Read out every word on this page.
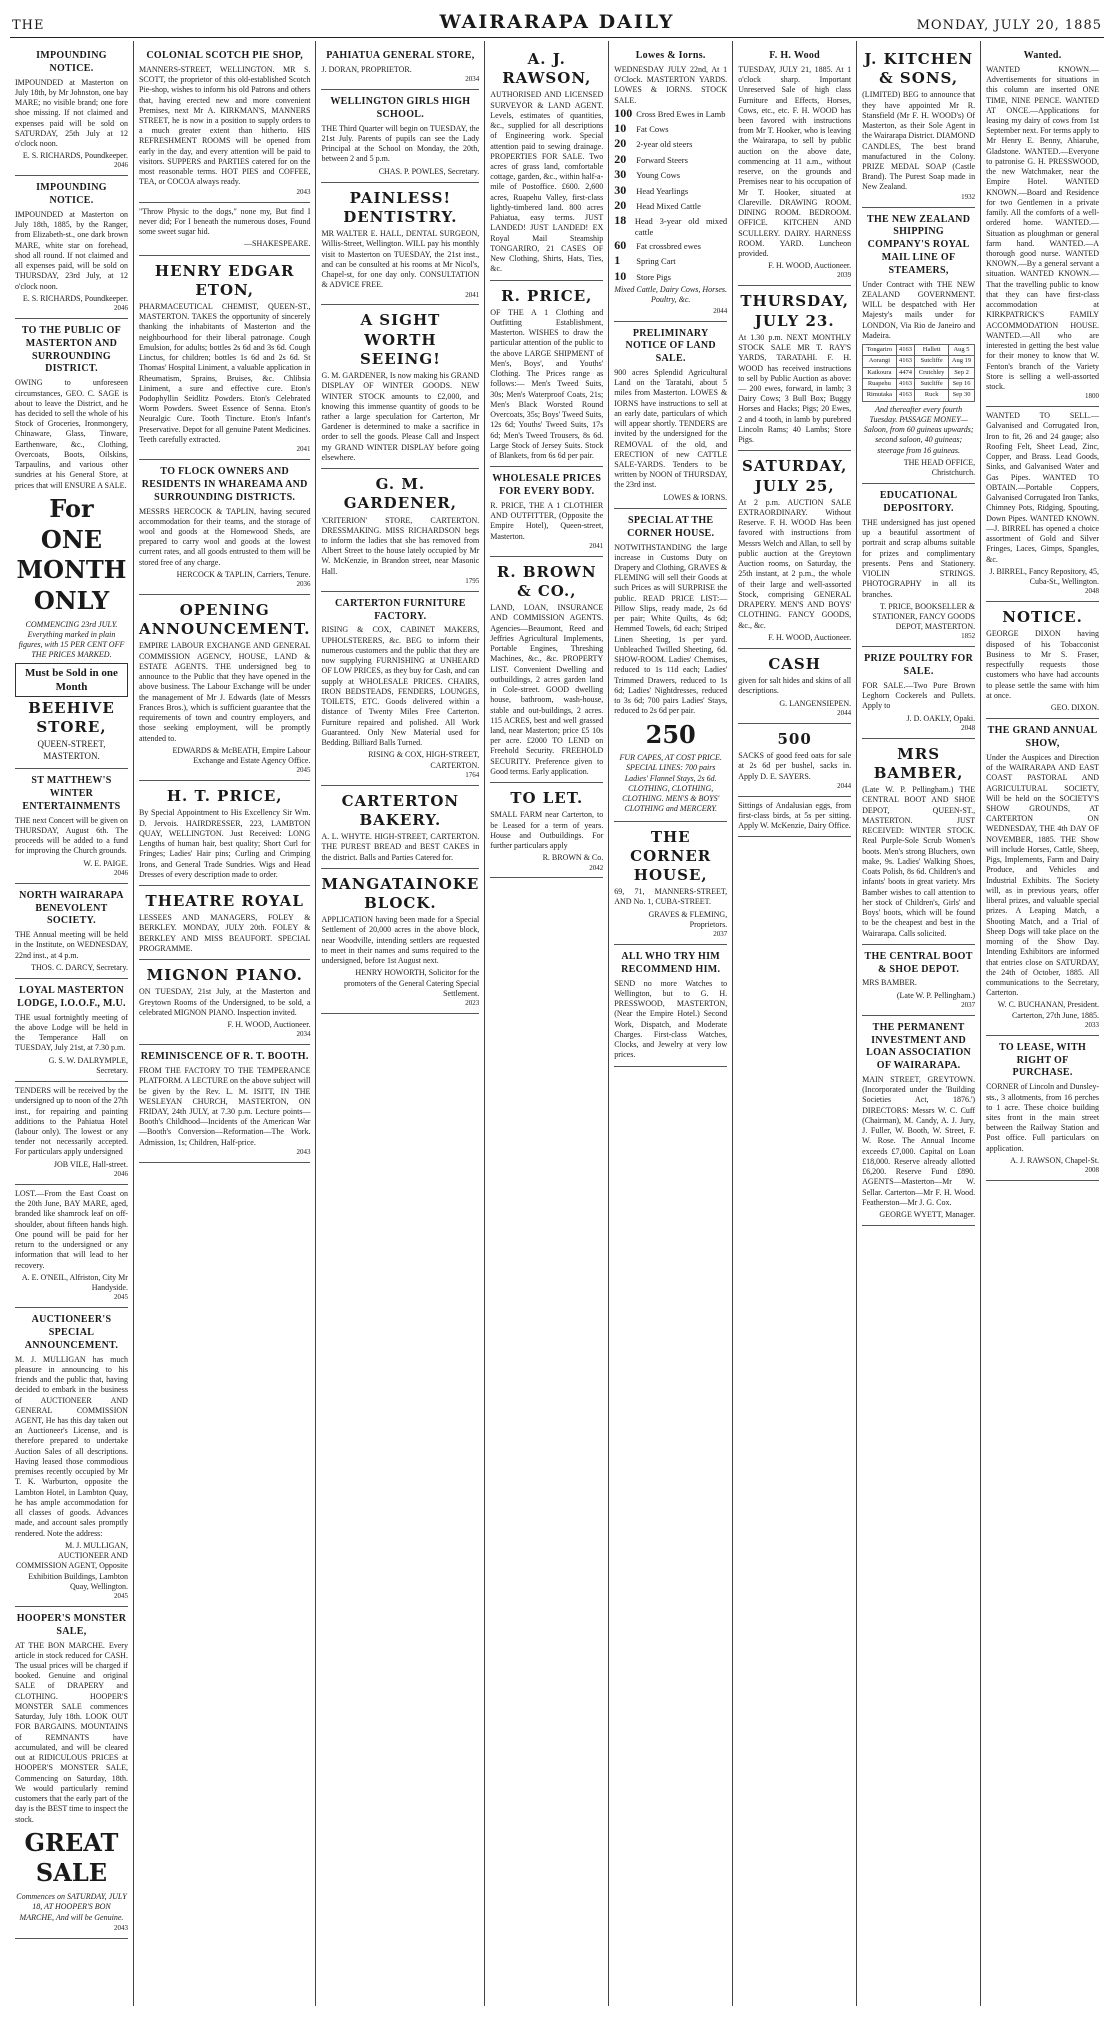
THE	WAIRARAPA DAILY	MONDAY, JULY 20, 1885
IMPOUNDING NOTICE.
IMPOUNDED at Masterton on July 18th, by Mr Johnston, one bay MARE; no visible brand; one fore shoe missing. If not claimed and expenses paid will be sold on SATURDAY, 25th July at 12 o'clock noon.
E. S. RICHARDS, Poundkeeper.
2046
IMPOUNDING NOTICE.
IMPOUNDED at Masterton on July 18th, 1885, by the Ranger, from Elizabeth-st., one dark brown MARE, white star on forehead, shod all round. If not claimed and all expenses paid, will be sold on THURSDAY, 23rd July, at 12 o'clock noon.
E. S. RICHARDS, Poundkeeper.
2046
TO THE PUBLIC OF MASTERTON AND SURROUNDING DISTRICT.
OWING to unforeseen circumstances, GEO. C. SAGE is about to leave the District, and he has decided to sell the whole of his Stock of Groceries, Ironmongery, Chinaware, Glass, Tinware, Earthenware, &c., Clothing, Overcoats, Boots, Oilskins, Tarpaulins, and various other sundries at his General Store, at prices that will ENSURE A SALE.
For ONE MONTH ONLY
COMMENCING 23rd JULY. Everything marked in plain figures, with 15 PER CENT OFF THE PRICES MARKED.
Must be Sold in one Month
BEEHIVE STORE,
QUEEN-STREET, MASTERTON.
ST MATTHEW'S WINTER ENTERTAINMENTS
THE next Concert will be given on THURSDAY, August 6th. The proceeds will be added to a fund for improving the Church grounds.
W. E. PAIGE.
2046
NORTH WAIRARAPA BENEVOLENT SOCIETY.
THE Annual meeting will be held in the Institute, on WEDNESDAY, 22nd inst., at 4 p.m.
THOS. C. DARCY, Secretary.
LOYAL MASTERTON LODGE, I.O.O.F., M.U.
THE usual fortnightly meeting of the above Lodge will be held in the Temperance Hall on TUESDAY, July 21st, at 7.30 p.m.
G. S. W. DALRYMPLE, Secretary.
TENDERS will be received by the undersigned up to noon of the 27th inst., for repairing and painting additions to the Pahiatua Hotel (labour only). The lowest or any tender not necessarily accepted. For particulars apply undersigned
JOB VILE, Hall-street.
2046
LOST.—From the East Coast on the 20th June, BAY MARE, aged, branded like shamrock leaf on off-shoulder, about fifteen hands high. One pound will be paid for her return to the undersigned or any information that will lead to her recovery.
A. E. O'NEIL, Alfriston, City Mr Handyside.
2045
AUCTIONEER'S SPECIAL ANNOUNCEMENT.
M. J. MULLIGAN has much pleasure in announcing to his friends and the public that, having decided to embark in the business of AUCTIONEER AND GENERAL COMMISSION AGENT, He has this day taken out an Auctioneer's License, and is therefore prepared to undertake Auction Sales of all descriptions. Having leased those commodious premises recently occupied by Mr T. K. Warburton, opposite the Lambton Hotel, in Lambton Quay, he has ample accommodation for all classes of goods. Advances made, and account sales promptly rendered. Note the address:
M. J. MULLIGAN, AUCTIONEER AND COMMISSION AGENT, Opposite Exhibition Buildings, Lambton Quay, Wellington.
2045
HOOPER'S MONSTER SALE,
AT THE BON MARCHE. Every article in stock reduced for CASH. The usual prices will be charged if booked. Genuine and original SALE of DRAPERY and CLOTHING. HOOPER'S MONSTER SALE commences Saturday, July 18th. LOOK OUT FOR BARGAINS. MOUNTAINS of REMNANTS have accumulated, and will be cleared out at RIDICULOUS PRICES at HOOPER'S MONSTER SALE, Commencing on Saturday, 18th. We would particularly remind customers that the early part of the day is the BEST time to inspect the stock.
GREAT SALE
Commences on SATURDAY, JULY 18, AT HOOPER'S BON MARCHE, And will be Genuine.
2043
COLONIAL SCOTCH PIE SHOP,
MANNERS-STREET, WELLINGTON. MR S. SCOTT, the proprietor of this old-established Scotch Pie-shop, wishes to inform his old Patrons and others that, having erected new and more convenient Premises, next Mr A. KIRKMAN'S, MANNERS STREET, he is now in a position to supply orders to a much greater extent than hitherto. HIS REFRESHMENT ROOMS will be opened from early in the day, and every attention will be paid to visitors. SUPPERS and PARTIES catered for on the most reasonable terms. HOT PIES and COFFEE, TEA, or COCOA always ready.
2043
"Throw Physic to the dogs," none my, But find I never did; For I beneath the numerous doses, Found some sweet sugar hid.
—SHAKESPEARE.
HENRY EDGAR ETON,
PHARMACEUTICAL CHEMIST, QUEEN-ST., MASTERTON. TAKES the opportunity of sincerely thanking the inhabitants of Masterton and the neighbourhood for their liberal patronage. Cough Emulsion, for adults; bottles 2s 6d and 3s 6d. Cough Linctus, for children; bottles 1s 6d and 2s 6d. St Thomas' Hospital Liniment, a valuable application in Rheumatism, Sprains, Bruises, &c. Chlibsia Liniment, a sure and effective cure. Eton's Podophyllin Seidlitz Powders. Eton's Celebrated Worm Powders. Sweet Essence of Senna. Eton's Neuralgic Cure. Tooth Tincture. Eton's Infant's Preservative. Depot for all genuine Patent Medicines. Teeth carefully extracted.
2041
TO FLOCK OWNERS AND RESIDENTS IN WHAREAMA AND SURROUNDING DISTRICTS.
MESSRS HERCOCK & TAPLIN, having secured accommodation for their teams, and the storage of wool and goods at the Homewood Sheds, are prepared to carry wool and goods at the lowest current rates, and all goods entrusted to them will be stored free of any charge.
HERCOCK & TAPLIN, Carriers, Tenure.
2036
OPENING ANNOUNCEMENT.
EMPIRE LABOUR EXCHANGE AND GENERAL COMMISSION AGENCY, HOUSE, LAND & ESTATE AGENTS. THE undersigned beg to announce to the Public that they have opened in the above business. The Labour Exchange will be under the management of Mr J. Edwards (late of Messrs Frances Bros.), which is sufficient guarantee that the requirements of town and country employers, and those seeking employment, will be promptly attended to.
EDWARDS & McBEATH, Empire Labour Exchange and Estate Agency Office.
2045
H. T. PRICE,
By Special Appointment to His Excellency Sir Wm. D. Jervois. HAIRDRESSER, 223, LAMBTON QUAY, WELLINGTON. Just Received: LONG Lengths of human hair, best quality; Short Curl for Fringes; Ladies' Hair pins; Curling and Crimping Irons, and General Trade Sundries. Wigs and Head Dresses of every description made to order.
THEATRE ROYAL
LESSEES AND MANAGERS, FOLEY & BERKLEY. MONDAY, JULY 20th. FOLEY & BERKLEY AND MISS BEAUFORT. SPECIAL PROGRAMME.
MIGNON PIANO.
ON TUESDAY, 21st July, at the Masterton and Greytown Rooms of the Undersigned, to be sold, a celebrated MIGNON PIANO. Inspection invited.
F. H. WOOD, Auctioneer.
2034
REMINISCENCE OF R. T. BOOTH.
FROM THE FACTORY TO THE TEMPERANCE PLATFORM. A LECTURE on the above subject will be given by the Rev. L. M. ISITT, IN THE WESLEYAN CHURCH, MASTERTON, ON FRIDAY, 24th JULY, at 7.30 p.m. Lecture points—Booth's Childhood—Incidents of the American War—Booth's Conversion—Reformation—The Work. Admission, 1s; Children, Half-price.
2043
PAHIATUA GENERAL STORE,
J. DORAN, PROPRIETOR.
2034
WELLINGTON GIRLS HIGH SCHOOL.
THE Third Quarter will begin on TUESDAY, the 21st July. Parents of pupils can see the Lady Principal at the School on Monday, the 20th, between 2 and 5 p.m.
CHAS. P. POWLES, Secretary.
PAINLESS! DENTISTRY.
MR WALTER E. HALL, DENTAL SURGEON, Willis-Street, Wellington. WILL pay his monthly visit to Masterton on TUESDAY, the 21st inst., and can be consulted at his rooms at Mr Nicol's, Chapel-st, for one day only. CONSULTATION & ADVICE FREE.
2041
A SIGHT WORTH SEEING!
G. M. GARDENER, Is now making his GRAND DISPLAY OF WINTER GOODS. NEW WINTER STOCK amounts to £2,000, and knowing this immense quantity of goods to be rather a large speculation for Carterton, Mr Gardener is determined to make a sacrifice in order to sell the goods. Please Call and Inspect my GRAND WINTER DISPLAY before going elsewhere.
G. M. GARDENER,
'CRITERION' STORE, CARTERTON. DRESSMAKING. MISS RICHARDSON begs to inform the ladies that she has removed from Albert Street to the house lately occupied by Mr W. McKenzie, in Brandon street, near Masonic Hall.
1795
CARTERTON FURNITURE FACTORY.
RISING & COX, CABINET MAKERS, UPHOLSTERERS, &c. BEG to inform their numerous customers and the public that they are now supplying FURNISHING at UNHEARD OF LOW PRICES, as they buy for Cash, and can supply at WHOLESALE PRICES. CHAIRS, IRON BEDSTEADS, FENDERS, LOUNGES, TOILETS, ETC. Goods delivered within a distance of Twenty Miles Free Carterton. Furniture repaired and polished. All Work Guaranteed. Only New Material used for Bedding. Billiard Balls Turned.
RISING & COX, HIGH-STREET, CARTERTON.
1764
CARTERTON BAKERY.
A. L. WHYTE. HIGH-STREET, CARTERTON. THE PUREST BREAD and BEST CAKES in the district. Balls and Parties Catered for.
MANGATAINOKE BLOCK.
APPLICATION having been made for a Special Settlement of 20,000 acres in the above block, near Woodville, intending settlers are requested to meet in their names and sums required to the undersigned, before 1st August next.
HENRY HOWORTH, Solicitor for the promoters of the General Catering Special Settlement.
2023
A. J. RAWSON,
AUTHORISED AND LICENSED SURVEYOR & LAND AGENT. Levels, estimates of quantities, &c., supplied for all descriptions of Engineering work. Special attention paid to sewing drainage. PROPERTIES FOR SALE. Two acres of grass land, comfortable cottage, garden, &c., within half-a-mile of Postoffice. £600. 2,600 acres, Ruapehu Valley, first-class lightly-timbered land. 800 acres Pahiatua, easy terms. JUST LANDED! JUST LANDED! EX Royal Mail Steamship TONGARIRO, 21 CASES OF New Clothing, Shirts, Hats, Ties, &c.
R. PRICE,
OF THE A 1 Clothing and Outfitting Establishment, Masterton. WISHES to draw the particular attention of the public to the above LARGE SHIPMENT of Men's, Boys', and Youths' Clothing. The Prices range as follows:— Men's Tweed Suits, 30s; Men's Waterproof Coats, 21s; Men's Black Worsted Round Overcoats, 35s; Boys' Tweed Suits, 12s 6d; Youths' Tweed Suits, 17s 6d; Men's Tweed Trousers, 8s 6d. Large Stock of Jersey Suits. Stock of Blankets, from 6s 6d per pair.
WHOLESALE PRICES FOR EVERY BODY.
R. PRICE, THE A 1 CLOTHIER AND OUTFITTER, (Opposite the Empire Hotel), Queen-street, Masterton.
2041
R. BROWN & CO.,
LAND, LOAN, INSURANCE AND COMMISSION AGENTS. Agencies—Beaumont, Reed and Jeffries Agricultural Implements, Portable Engines, Threshing Machines, &c., &c. PROPERTY LIST. Convenient Dwelling and outbuildings, 2 acres garden land in Cole-street. GOOD dwelling house, bathroom, wash-house, stable and out-buildings, 2 acres. 115 ACRES, best and well grassed land, near Masterton; price £5 10s per acre. £2000 TO LEND on Freehold Security. FREEHOLD SECURITY. Preference given to Good terms. Early application.
TO LET.
SMALL FARM near Carterton, to be Leased for a term of years. House and Outbuildings. For further particulars apply
R. BROWN & Co.
2042
Lowes & Iorns.
WEDNESDAY JULY 22nd, At 1 O'Clock. MASTERTON YARDS. LOWES & IORNS. STOCK SALE.
100 Cross Bred Ewes in Lamb
10	Fat Cows
20	2-year old steers
20	Forward Steers
30	Young Cows
30	Head Yearlings
20	Head Mixed Cattle
18	Head 3-year old mixed cattle
60	Fat crossbred ewes
1	Spring Cart
10	Store Pigs
Mixed Cattle, Dairy Cows, Horses. Poultry, &c.
2044
PRELIMINARY NOTICE OF LAND SALE.
900 acres Splendid Agricultural Land on the Taratahi, about 5 miles from Masterton. LOWES & IORNS have instructions to sell at an early date, particulars of which will appear shortly. TENDERS are invited by the undersigned for the REMOVAL of the old, and ERECTION of new CATTLE SALE-YARDS. Tenders to be written by NOON of THURSDAY, the 23rd inst.
LOWES & IORNS.
SPECIAL AT THE CORNER HOUSE.
NOTWITHSTANDING the large increase in Customs Duty on Drapery and Clothing, GRAVES & FLEMING will sell their Goods at such Prices as will SURPRISE the public. READ PRICE LIST:— Pillow Slips, ready made, 2s 6d per pair; White Quilts, 4s 6d; Hemmed Towels, 6d each; Striped Linen Sheeting, 1s per yard. Unbleached Twilled Sheeting, 6d. SHOW-ROOM. Ladies' Chemises, reduced to 1s 11d each; Ladies' Trimmed Drawers, reduced to 1s 6d; Ladies' Nightdresses, reduced to 3s 6d; 700 pairs Ladies' Stays, reduced to 2s 6d per pair.
250
FUR CAPES, AT COST PRICE. SPECIAL LINES: 700 pairs Ladies' Flannel Stays, 2s 6d. CLOTHING, CLOTHING, CLOTHING. MEN'S & BOYS' CLOTHING and MERCERY.
THE CORNER HOUSE,
69, 71, MANNERS-STREET, AND No. 1, CUBA-STREET.
GRAVES & FLEMING, Proprietors.
2037
ALL WHO TRY HIM RECOMMEND HIM.
SEND no more Watches to Wellington, but to G. H. PRESSWOOD, MASTERTON, (Near the Empire Hotel.) Second Work, Dispatch, and Moderate Charges. First-class Watches, Clocks, and Jewelry at very low prices.
F. H. Wood
TUESDAY, JULY 21, 1885. At 1 o'clock sharp. Important Unreserved Sale of high class Furniture and Effects, Horses, Cows, etc., etc. F. H. WOOD has been favored with instructions from Mr T. Hooker, who is leaving the Wairarapa, to sell by public auction on the above date, commencing at 11 a.m., without reserve, on the grounds and Premises near to his occupation of Mr T. Hooker, situated at Clareville. DRAWING ROOM. DINING ROOM. BEDROOM. OFFICE. KITCHEN AND SCULLERY. DAIRY. HARNESS ROOM. YARD. Luncheon provided.
F. H. WOOD, Auctioneer.
2039
THURSDAY, JULY 23.
At 1.30 p.m. NEXT MONTHLY STOCK SALE MR T. RAY'S YARDS, TARATAHI. F. H. WOOD has received instructions to sell by Public Auction as above:— 200 ewes, forward, in lamb; 3 Dairy Cows; 3 Bull Box; Buggy Horses and Hacks; Pigs; 20 Ewes, 2 and 4 tooth, in lamb by purebred Lincoln Rams; 40 Lambs; Store Pigs.
SATURDAY, JULY 25,
At 2 p.m. AUCTION SALE EXTRAORDINARY. Without Reserve. F. H. WOOD Has been favored with instructions from Messrs Welch and Allan, to sell by public auction at the Greytown Auction rooms, on Saturday, the 25th instant, at 2 p.m., the whole of their large and well-assorted Stock, comprising GENERAL DRAPERY. MEN'S AND BOYS' CLOTHING. FANCY GOODS, &c., &c.
F. H. WOOD, Auctioneer.
CASH
given for salt hides and skins of all descriptions.
G. LANGENSIEPEN.
2044
500
SACKS of good feed oats for sale at 2s 6d per bushel, sacks in. Apply D. E. SAYERS.
2044
Sittings of Andalusian eggs, from first-class birds, at 5s per sitting. Apply W. McKenzie, Dairy Office.
J. KITCHEN & SONS,
(LIMITED) BEG to announce that they have appointed Mr R. Stansfield (Mr F. H. WOOD's) Of Masterton, as their Sole Agent in the Wairarapa District. DIAMOND CANDLES, The best brand manufactured in the Colony. PRIZE MEDAL SOAP (Castle Brand). The Purest Soap made in New Zealand.
1932
THE NEW ZEALAND SHIPPING COMPANY'S ROYAL MAIL LINE OF STEAMERS,
Under Contract with THE NEW ZEALAND GOVERNMENT. WILL be despatched with Her Majesty's mails under for LONDON, Via Rio de Janeiro and Madeira.
Tongariro	4163	Hallett	Aug 5
Aorangi	4163	Sutcliffe	Aug 19
Kaikoura	4474	Crutchley	Sep 2
Ruapehu	4163	Sutcliffe	Sep 16
Rimutaka	4163	Ruck	Sep 30
And thereafter every fourth Tuesday. PASSAGE MONEY—Saloon, from 60 guineas upwards; second saloon, 40 guineas; steerage from 16 guineas.
THE HEAD OFFICE, Christchurch.
EDUCATIONAL DEPOSITORY.
THE undersigned has just opened up a beautiful assortment of portrait and scrap albums suitable for prizes and complimentary presents. Pens and Stationery. VIOLIN STRINGS. PHOTOGRAPHY in all its branches.
T. PRICE, BOOKSELLER & STATIONER, FANCY GOODS DEPOT, MASTERTON.
1852
PRIZE POULTRY FOR SALE.
FOR SALE.—Two Pure Brown Leghorn Cockerels and Pullets. Apply to
J. D. OAKLY, Opaki.
2048
MRS BAMBER,
(Late W. P. Pellingham.) THE CENTRAL BOOT AND SHOE DEPOT, QUEEN-ST., MASTERTON. JUST RECEIVED: WINTER STOCK. Real Purple-Sole Scrub Women's boots. Men's strong Bluchers, own make, 9s. Ladies' Walking Shoes, Coats Polish, 8s 6d. Children's and infants' boots in great variety. Mrs Bamber wishes to call attention to her stock of Children's, Girls' and Boys' boots, which will be found to be the cheapest and best in the Wairarapa. Calls solicited.
THE CENTRAL BOOT & SHOE DEPOT.
MRS BAMBER.
(Late W. P. Pellingham.)
2037
THE PERMANENT INVESTMENT AND LOAN ASSOCIATION OF WAIRARAPA.
MAIN STREET, GREYTOWN. (Incorporated under the 'Building Societies Act, 1876.') DIRECTORS: Messrs W. C. Cuff (Chairman), M. Candy, A. J. Jury, J. Fuller, W. Booth, W. Street, F. W. Rose. The Annual Income exceeds £7,000. Capital on Loan £18,000. Reserve already allotted £6,200. Reserve Fund £890. AGENTS—Masterton—Mr W. Sellar. Carterton—Mr F. H. Wood. Featherston—Mr J. G. Cox.
GEORGE WYETT, Manager.
Wanted.
WANTED KNOWN.—Advertisements for situations in this column are inserted ONE TIME, NINE PENCE. WANTED AT ONCE.—Applications for leasing my dairy of cows from 1st September next. For terms apply to Mr Henry E. Benny, Ahiaruhe, Gladstone. WANTED.—Everyone to patronise G. H. PRESSWOOD, the new Watchmaker, near the Empire Hotel. WANTED KNOWN.—Board and Residence for two Gentlemen in a private family. All the comforts of a well-ordered home. WANTED.—Situation as ploughman or general farm hand. WANTED.—A thorough good nurse. WANTED KNOWN.—By a general servant a situation. WANTED KNOWN.—That the travelling public to know that they can have first-class accommodation at KIRKPATRICK'S FAMILY ACCOMMODATION HOUSE. WANTED.—All who are interested in getting the best value for their money to know that W. Fenton's branch of the Variety Store is selling a well-assorted stock.
1800
WANTED TO SELL.—Galvanised and Corrugated Iron, Iron to fit, 26 and 24 gauge; also Roofing Felt, Sheet Lead, Zinc, Copper, and Brass. Lead Goods, Sinks, and Galvanised Water and Gas Pipes. WANTED TO OBTAIN.—Portable Coppers, Galvanised Corrugated Iron Tanks, Chimney Pots, Ridging, Spouting, Down Pipes. WANTED KNOWN.—J. BIRREL has opened a choice assortment of Gold and Silver Fringes, Laces, Gimps, Spangles, &c.
J. BIRREL, Fancy Repository, 45, Cuba-St., Wellington.
2048
NOTICE.
GEORGE DIXON having disposed of his Tobacconist Business to Mr S. Fraser, respectfully requests those customers who have had accounts to please settle the same with him at once.
GEO. DIXON.
THE GRAND ANNUAL SHOW,
Under the Auspices and Direction of the WAIRARAPA AND EAST COAST PASTORAL AND AGRICULTURAL SOCIETY, Will be held on the SOCIETY'S SHOW GROUNDS, AT CARTERTON ON WEDNESDAY, THE 4th DAY OF NOVEMBER, 1885. THE Show will include Horses, Cattle, Sheep, Pigs, Implements, Farm and Dairy Produce, and Vehicles and Industrial Exhibits. The Society will, as in previous years, offer liberal prizes, and valuable special prizes. A Leaping Match, a Shooting Match, and a Trial of Sheep Dogs will take place on the morning of the Show Day. Intending Exhibitors are informed that entries close on SATURDAY, the 24th of October, 1885. All communications to the Secretary, Carterton.
W. C. BUCHANAN, President. Carterton, 27th June, 1885.
2033
TO LEASE, WITH RIGHT OF PURCHASE.
CORNER of Lincoln and Dunsley-sts., 3 allotments, from 16 perches to 1 acre. These choice building sites front in the main street between the Railway Station and Post office. Full particulars on application.
A. J. RAWSON, Chapel-St.
2008
